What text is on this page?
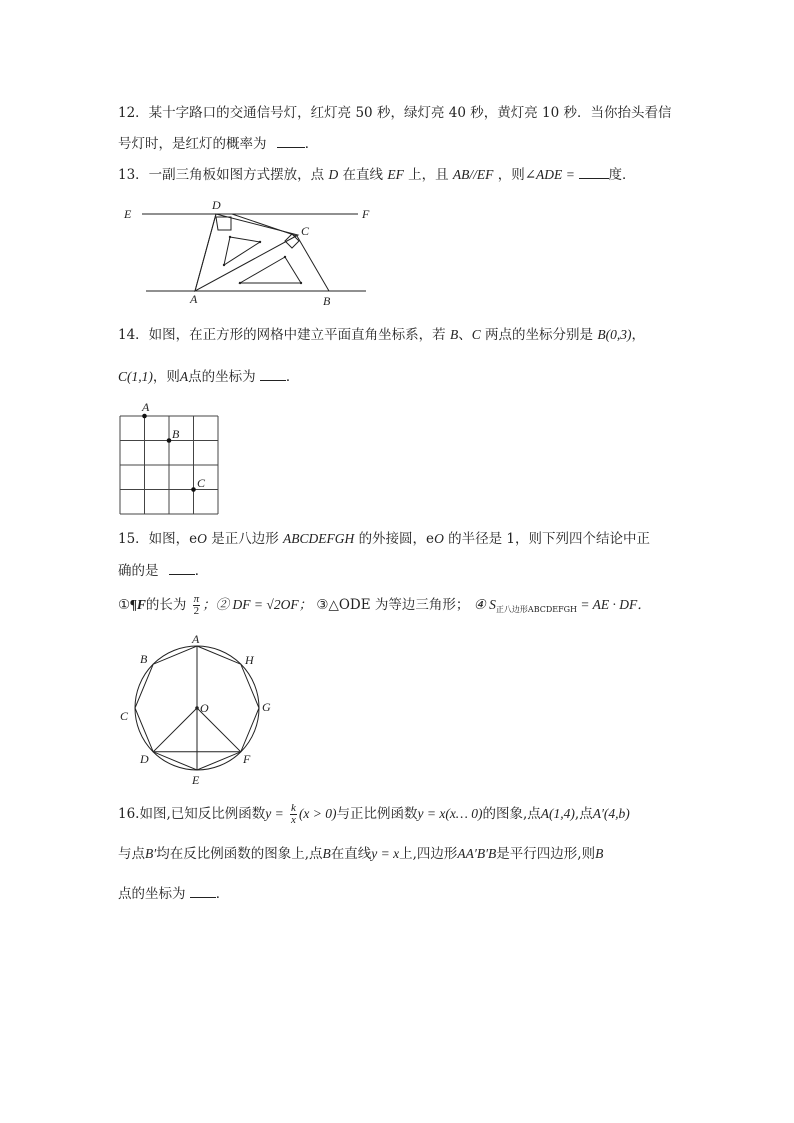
12．某十字路口的交通信号灯，红灯亮 50 秒，绿灯亮 40 秒，黄灯亮 10 秒．当你抬头看信
号灯时，是红灯的概率为	．
13．一副三角板如图方式摆放，点 D 在直线 EF 上，且 AB//EF ，则∠ADE =	度．
E
D
C
F
A	B
14．如图，在正方形的网格中建立平面直角坐标系，若 B、C 两点的坐标分别是 B(0,3)，
C(1,1)，则A点的坐标为 ．
A
B
C
15．如图，eO 是正八边形 ABCDEFGH 的外接圆，eO 的半径是 1，则下列四个结论中正
确的是	．
①¶F的长为 $\frac{\pi}{2}$ ；② DF = √2OF； ③△ODE 为等边三角形； ④ $S_{正八边形ABCDEFGH}$ = AE · DF．
A
B	H
C
O	G
D	F
E
16.如图,已知反比例函数$y = \frac{k}{x} (x > 0)$与正比例函数y = x(x… 0)的图象,点A(1,4),点A′(4,b)
与点B′均在反比例函数的图象上,点B在直线y = x上,四边形AA′B′B是平行四边形,则B
点的坐标为 ．
